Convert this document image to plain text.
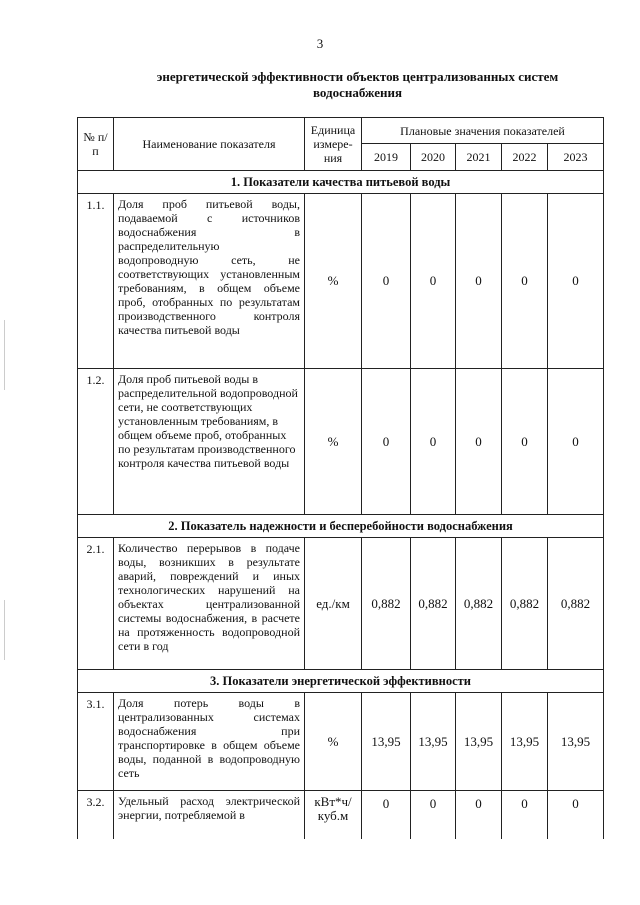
3
энергетической эффективности объектов централизованных систем
водоснабжения
№ п/п	Наименование показателя	Единица измере-ния	Плановые значения показателей				
			2019	2020	2021	2022	2023
1. Показатели качества питьевой воды							
1.1.	Доля проб питьевой воды, подаваемой с источников водоснабжения в распределительную водопроводную сеть, не соответствующих установленным требованиям, в общем объеме проб, отобранных по результатам производственного контроля качества питьевой воды	%	0	0	0	0	0
1.2.	Доля проб питьевой воды в распределительной водопроводной сети, не соответствующих установленным требованиям, в общем объеме проб, отобранных по результатам производственного контроля качества питьевой воды	%	0	0	0	0	0
2. Показатель надежности и бесперебойности водоснабжения							
2.1.	Количество перерывов в подаче воды, возникших в результате аварий, повреждений и иных технологических нарушений на объектах централизованной системы водоснабжения, в расчете на протяженность водопроводной сети в год	ед./км	0,882	0,882	0,882	0,882	0,882
3. Показатели энергетической эффективности							
3.1.	Доля потерь воды в централизованных системах водоснабжения при транспортировке в общем объеме воды, поданной в водопроводную сеть	%	13,95	13,95	13,95	13,95	13,95
3.2.	Удельный расход электрической энергии, потребляемой в	кВт*ч/ куб.м	0	0	0	0	0
